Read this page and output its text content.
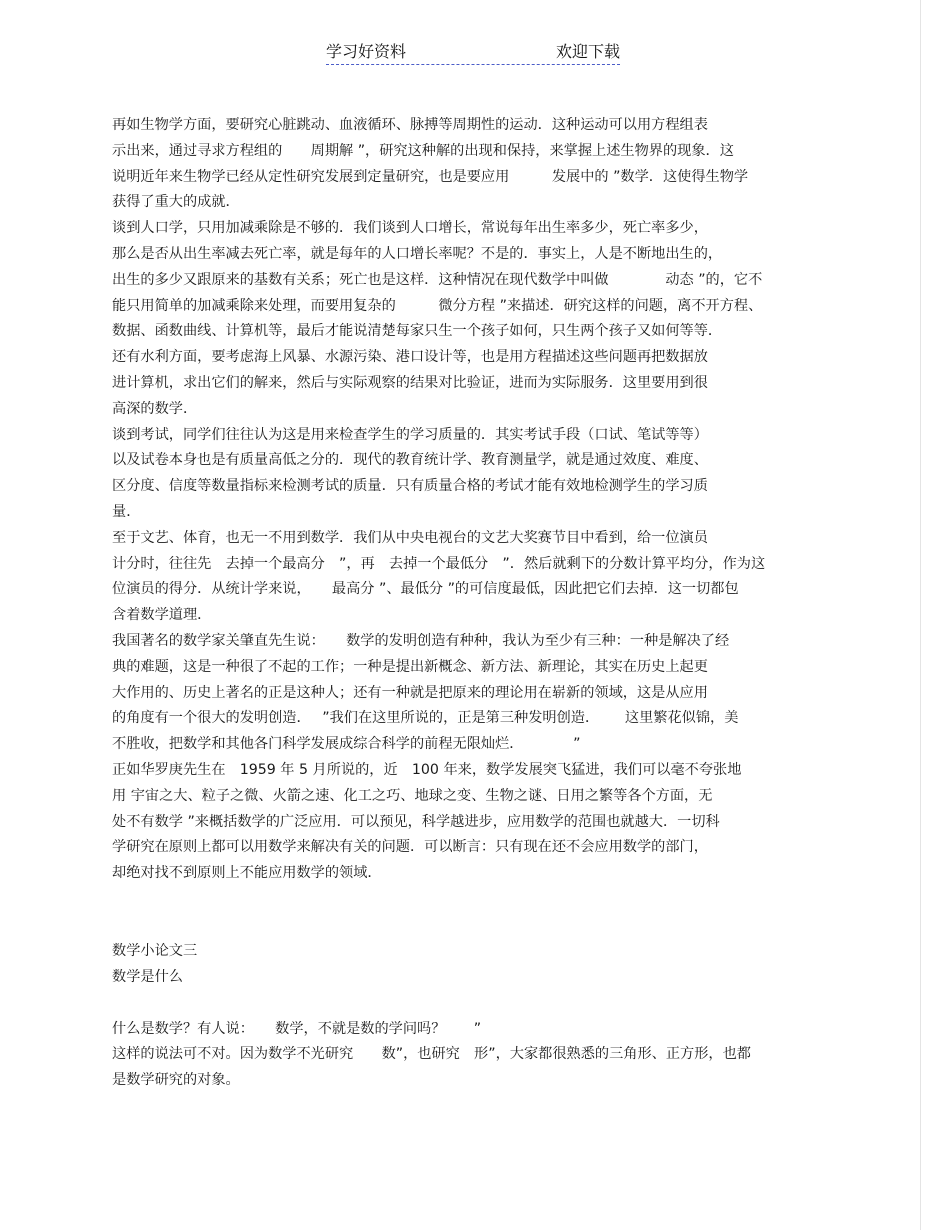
学习好资料	欢迎下载
再如生物学方面，要研究心脏跳动、血液循环、脉搏等周期性的运动．这种运动可以用方程组表
示出来，通过寻求方程组的　　周期解 ”，研究这种解的出现和保持，来掌握上述生物界的现象．这
说明近年来生物学已经从定性研究发展到定量研究，也是要应用　　　发展中的 ”数学．这使得生物学
获得了重大的成就．
谈到人口学，只用加减乘除是不够的．我们谈到人口增长，常说每年出生率多少，死亡率多少，
那么是否从出生率减去死亡率，就是每年的人口增长率呢？不是的．事实上，人是不断地出生的，
出生的多少又跟原来的基数有关系；死亡也是这样．这种情况在现代数学中叫做　　　　动态 ”的，它不
能只用简单的加减乘除来处理，而要用复杂的　　　微分方程 ”来描述．研究这样的问题，离不开方程、
数据、函数曲线、计算机等，最后才能说清楚每家只生一个孩子如何，只生两个孩子又如何等等．
还有水利方面，要考虑海上风暴、水源污染、港口设计等，也是用方程描述这些问题再把数据放
进计算机，求出它们的解来，然后与实际观察的结果对比验证，进而为实际服务．这里要用到很
高深的数学．
谈到考试，同学们往往认为这是用来检查学生的学习质量的．其实考试手段（口试、笔试等等）
以及试卷本身也是有质量高低之分的．现代的教育统计学、教育测量学，就是通过效度、难度、
区分度、信度等数量指标来检测考试的质量．只有质量合格的考试才能有效地检测学生的学习质
量．
至于文艺、体育，也无一不用到数学．我们从中央电视台的文艺大奖赛节目中看到，给一位演员
计分时，往往先　去掉一个最高分　”，再　去掉一个最低分　”．然后就剩下的分数计算平均分，作为这
位演员的得分．从统计学来说，　　最高分 ”、最低分 ”的可信度最低，因此把它们去掉．这一切都包
含着数学道理．
我国著名的数学家关肇直先生说：　　数学的发明创造有种种，我认为至少有三种：一种是解决了经
典的难题，这是一种很了不起的工作；一种是提出新概念、新方法、新理论，其实在历史上起更
大作用的、历史上著名的正是这种人；还有一种就是把原来的理论用在崭新的领域，这是从应用
的角度有一个很大的发明创造．　 ”我们在这里所说的，正是第三种发明创造．　　 这里繁花似锦，美
不胜收，把数学和其他各门科学发展成综合科学的前程无限灿烂．　　　　”
正如华罗庚先生在　1959 年 5 月所说的，近　100 年来，数学发展突飞猛进，我们可以毫不夸张地
用 宇宙之大、粒子之微、火箭之速、化工之巧、地球之变、生物之谜、日用之繁等各个方面，无
处不有数学 ”来概括数学的广泛应用．可以预见，科学越进步，应用数学的范围也就越大．一切科
学研究在原则上都可以用数学来解决有关的问题．可以断言：只有现在还不会应用数学的部门，
却绝对找不到原则上不能应用数学的领域．
数学小论文三
数学是什么
什么是数学？有人说：　　数学，不就是数的学问吗？　　”
这样的说法可不对。因为数学不光研究　　数”，也研究　形”，大家都很熟悉的三角形、正方形，也都
是数学研究的对象。
